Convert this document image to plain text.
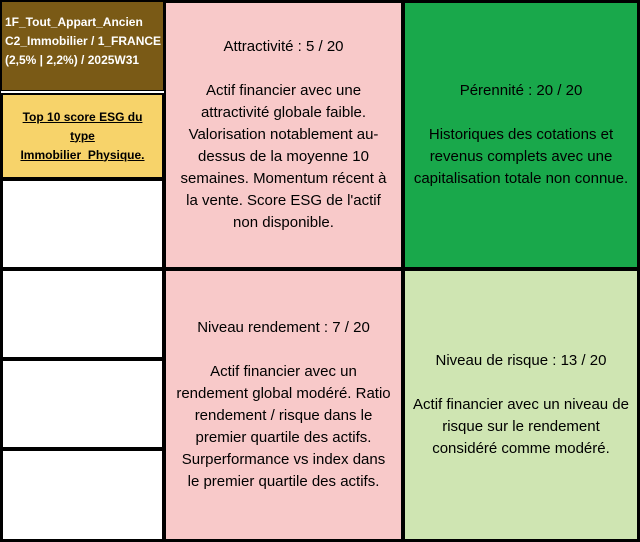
1F_Tout_Appart_Ancien
C2_Immobilier / 1_FRANCE
(2,5% | 2,2%) / 2025W31
Top 10 score ESG du type Immobilier_Physique.
Attractivité : 5 / 20
Actif financier avec une attractivité globale faible. Valorisation notablement au-dessus de la moyenne 10 semaines. Momentum récent à la vente. Score ESG de l'actif non disponible.
Pérennité : 20 / 20
Historiques des cotations et revenus complets avec une capitalisation totale non connue.
Niveau rendement : 7 / 20
Actif financier avec un rendement global modéré. Ratio rendement / risque dans le premier quartile des actifs. Surperformance vs index dans le premier quartile des actifs.
Niveau de risque : 13 / 20
Actif financier avec un niveau de risque sur le rendement considéré comme modéré.
